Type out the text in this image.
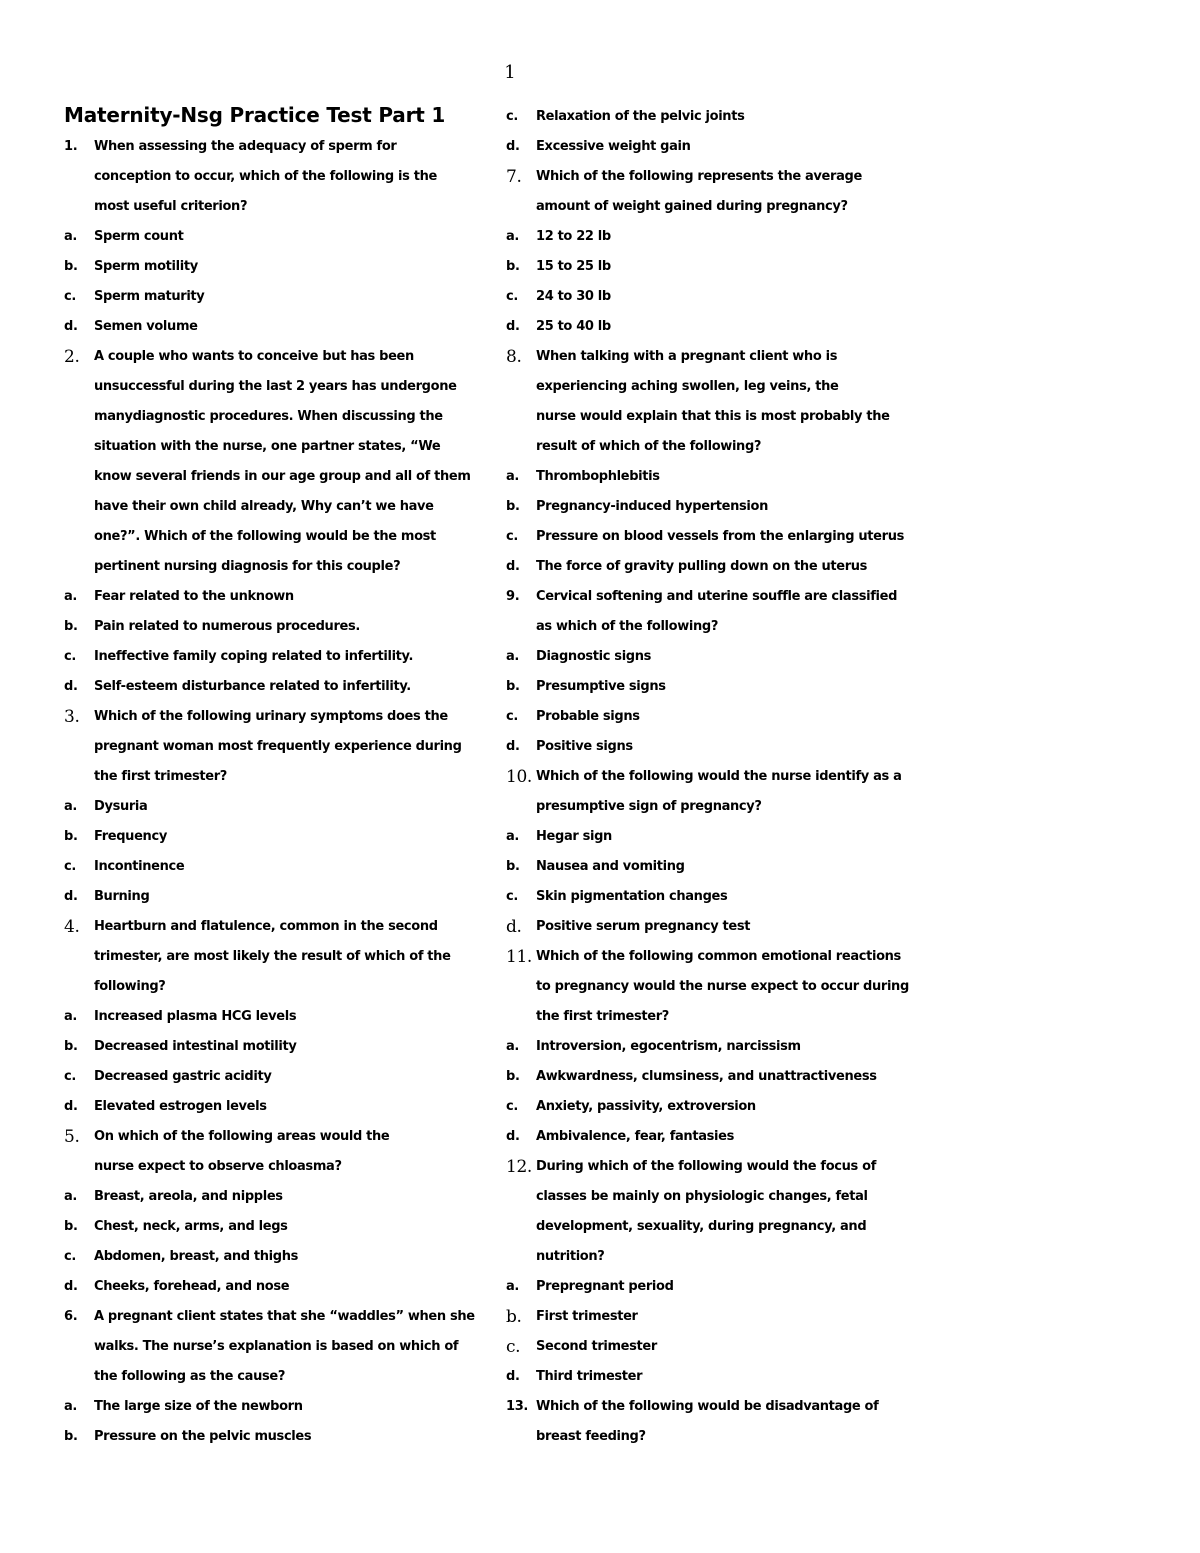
1
Maternity-Nsg Practice Test Part 1
1.	When assessing the adequacy of sperm for
conception to occur, which of the following is the
most useful criterion?
a.	Sperm count
b.	Sperm motility
c.	Sperm maturity
d.	Semen volume
2.	A couple who wants to conceive but has been
unsuccessful during the last 2 years has undergone
manydiagnostic procedures. When discussing the
situation with the nurse, one partner states, “We
know several friends in our age group and all of them
have their own child already, Why can’t we have
one?”. Which of the following would be the most
pertinent nursing diagnosis for this couple?
a.	Fear related to the unknown
b.	Pain related to numerous procedures.
c.	Ineffective family coping related to infertility.
d.	Self-esteem disturbance related to infertility.
3.	Which of the following urinary symptoms does the
pregnant woman most frequently experience during
the first trimester?
a.	Dysuria
b.	Frequency
c.	Incontinence
d.	Burning
4.	Heartburn and flatulence, common in the second
trimester, are most likely the result of which of the
following?
a.	Increased plasma HCG levels
b.	Decreased intestinal motility
c.	Decreased gastric acidity
d.	Elevated estrogen levels
5.	On which of the following areas would the
nurse expect to observe chloasma?
a.	Breast, areola, and nipples
b.	Chest, neck, arms, and legs
c.	Abdomen, breast, and thighs
d.	Cheeks, forehead, and nose
6.	A pregnant client states that she “waddles” when she
walks. The nurse’s explanation is based on which of
the following as the cause?
a.	The large size of the newborn
b.	Pressure on the pelvic muscles
c.	Relaxation of the pelvic joints
d.	Excessive weight gain
7.	Which of the following represents the average
amount of weight gained during pregnancy?
a.	12 to 22 lb
b.	15 to 25 lb
c.	24 to 30 lb
d.	25 to 40 lb
8.	When talking with a pregnant client who is
experiencing aching swollen, leg veins, the
nurse would explain that this is most probably the
result of which of the following?
a.	Thrombophlebitis
b.	Pregnancy-induced hypertension
c.	Pressure on blood vessels from the enlarging uterus
d.	The force of gravity pulling down on the uterus
9.	Cervical softening and uterine souffle are classified
as which of the following?
a.	Diagnostic signs
b.	Presumptive signs
c.	Probable signs
d.	Positive signs
10. Which of the following would the nurse identify as a
presumptive sign of pregnancy?
a.	Hegar sign
b.	Nausea and vomiting
c.	Skin pigmentation changes
d.	Positive serum pregnancy test
11. Which of the following common emotional reactions
to pregnancy would the nurse expect to occur during
the first trimester?
a.	Introversion, egocentrism, narcissism
b.	Awkwardness, clumsiness, and unattractiveness
c.	Anxiety, passivity, extroversion
d.	Ambivalence, fear, fantasies
12. During which of the following would the focus of
classes be mainly on physiologic changes, fetal
development, sexuality, during pregnancy, and
nutrition?
a.	Prepregnant period
b.	First trimester
c.	Second trimester
d.	Third trimester
13. Which of the following would be disadvantage of
breast feeding?
